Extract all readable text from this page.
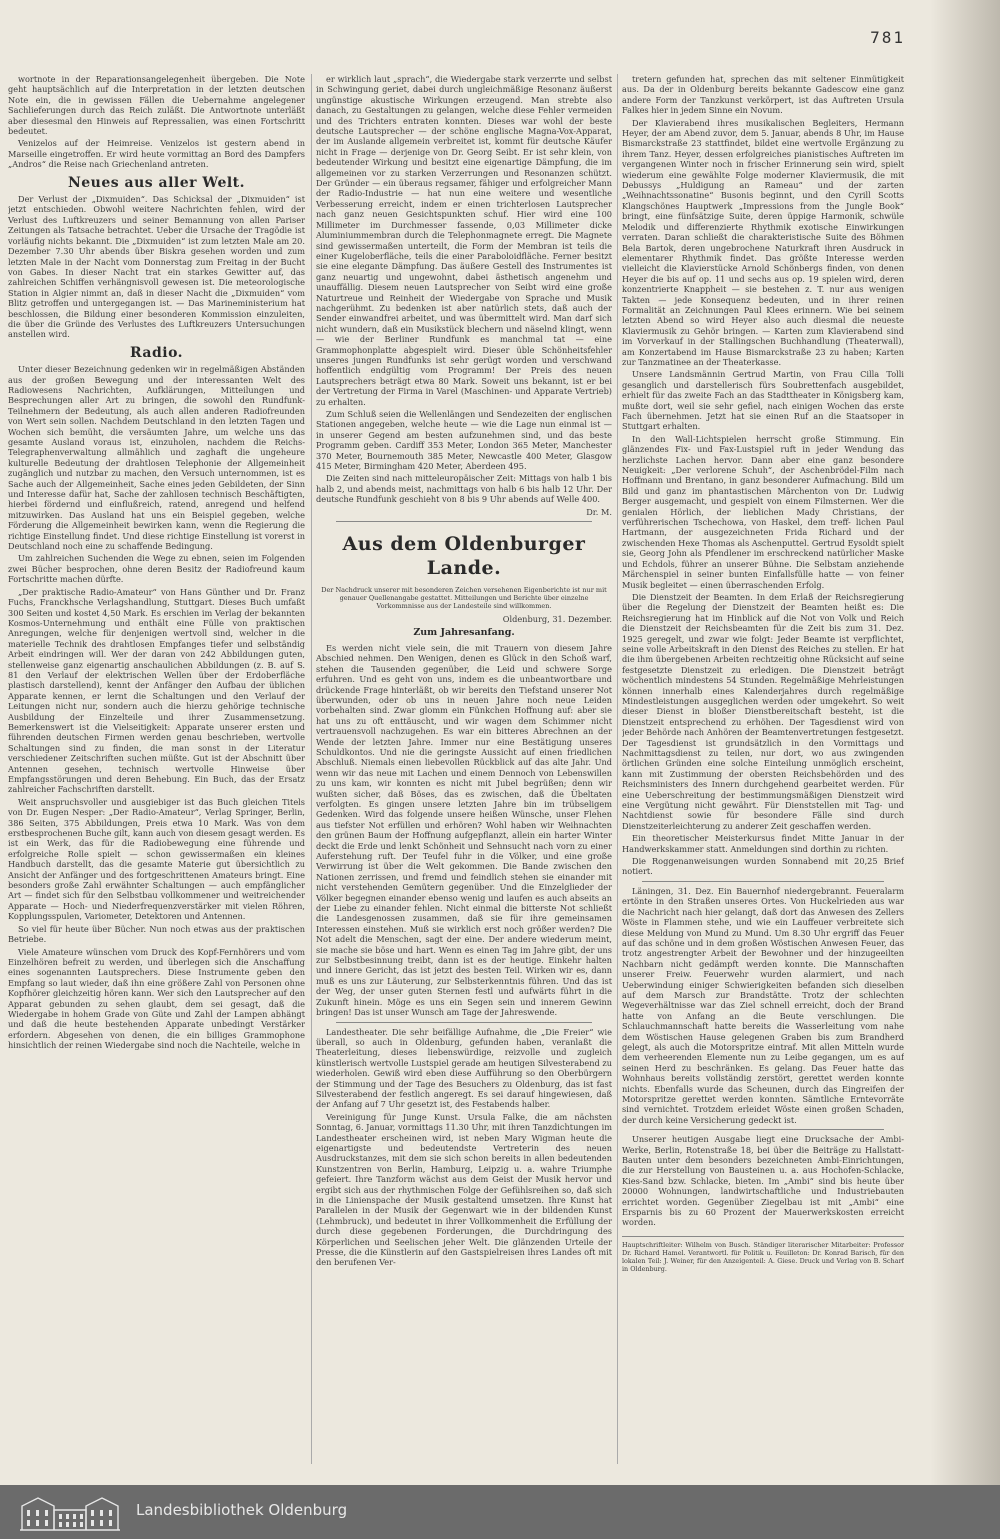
781

wortnote in der Reparationsangelegenheit übergeben. Die Note geht hauptsächlich auf die Interpretation in der letzten deutschen Note ein, die in gewissen Fällen die Uebernahme angelegener Sachlieferungen durch das Reich zuläßt. Die Antwortnote unterläßt aber diesesmal den Hinweis auf Repressalien, was einen Fortschritt bedeutet.

Venizelos auf der Heimreise. Venizelos ist gestern abend in Marseille eingetroffen. Er wird heute vormittag an Bord des Dampfers „Andros“ die Reise nach Griechenland antreten.

Neues aus aller Welt.

Der Verlust der „Dixmuiden“. Das Schicksal der „Dixmuiden“ ist jetzt entschieden. Obwohl weitere Nachrichten fehlen, wird der Verlust des Luftkreuzers und seiner Bemannung von allen Pariser Zeitungen als Tatsache betrachtet. Ueber die Ursache der Tragödie ist vorläufig nichts bekannt. Die „Dixmuiden“ ist zum letzten Male am 20. Dezember 7.30 Uhr abends über Biskra gesehen worden und zum letzten Male in der Nacht vom Donnerstag zum Freitag in der Bucht von Gabes. In dieser Nacht trat ein starkes Gewitter auf, das zahlreichen Schiffen verhängnisvoll gewesen ist. Die meteorologische Station in Algier nimmt an, daß in dieser Nacht die „Dixmuiden“ vom Blitz getroffen und untergegangen ist. — Das Marineministerium hat beschlossen, die Bildung einer besonderen Kommission einzuleiten, die über die Gründe des Verlustes des Luftkreuzers Untersuchungen anstellen wird.

Radio.

Unter dieser Bezeichnung gedenken wir in regelmäßigen Abständen aus der großen Bewegung und der interessanten Welt des Radiowesens Nachrichten, Aufklärungen, Mitteilungen und Besprechungen aller Art zu bringen, die sowohl den Rundfunk-Teilnehmern der Bedeutung, als auch allen anderen Radiofreunden von Wert sein sollen. Nachdem Deutschland in den letzten Tagen und Wochen sich bemüht, die versäumten Jahre, um welche uns das gesamte Ausland voraus ist, einzuholen, nachdem die Reichs-Telegraphenverwaltung allmählich und zaghaft die ungeheure kulturelle Bedeutung der drahtlosen Telephonie der Allgemeinheit zugänglich und nutzbar zu machen, den Versuch unternommen, ist es Sache auch der Allgemeinheit, Sache eines jeden Gebildeten, der Sinn und Interesse dafür hat, Sache der zahllosen technisch Beschäftigten, hierbei fördernd und einflußreich, ratend, anregend und helfend mitzuwirken. Das Ausland hat uns ein Beispiel gegeben, welche Förderung die Allgemeinheit bewirken kann, wenn die Regierung die richtige Einstellung findet. Und diese richtige Einstellung ist vorerst in Deutschland noch eine zu schaffende Bedingung.

Um zahlreichen Suchenden die Wege zu ebnen, seien im Folgenden zwei Bücher besprochen, ohne deren Besitz der Radiofreund kaum Fortschritte machen dürfte.

„Der praktische Radio-Amateur“ von Hans Günther und Dr. Franz Fuchs, Franckhsche Verlagshandlung, Stuttgart. Dieses Buch umfaßt 300 Seiten und kostet 4,50 Mark. Es erschien im Verlag der bekannten Kosmos-Unternehmung und enthält eine Fülle von praktischen Anregungen, welche für denjenigen wertvoll sind, welcher in die materielle Technik des drahtlosen Empfanges tiefer und selbständig Arbeit eindringen will. Wer der daran von 242 Abbildungen guten, stellenweise ganz eigenartig anschaulichen Abbildungen (z. B. auf S. 81 den Verlauf der elektrischen Wellen über der Erdoberfläche plastisch darstellend), kennt der Anfänger den Aufbau der üblichen Apparate kennen, er lernt die Schaltungen und den Verlauf der Leitungen nicht nur, sondern auch die hierzu gehörige technische Ausbildung der Einzelteile und ihrer Zusammensetzung. Bemerkenswert ist die Vielseitigkeit: Apparate unserer ersten und führenden deutschen Firmen werden genau beschrieben, wertvolle Schaltungen sind zu finden, die man sonst in der Literatur verschiedener Zeitschriften suchen müßte. Gut ist der Abschnitt über Antennen gesehen, technisch wertvolle Hinweise über Empfangsstörungen und deren Behebung. Ein Buch, das der Ersatz zahlreicher Fachschriften darstellt.

Weit anspruchsvoller und ausgiebiger ist das Buch gleichen Titels von Dr. Eugen Nesper: „Der Radio-Amateur“, Verlag Springer, Berlin, 386 Seiten, 375 Abbildungen, Preis etwa 10 Mark. Was von dem erstbesprochenen Buche gilt, kann auch von diesem gesagt werden. Es ist ein Werk, das für die Radiobewegung eine führende und erfolgreiche Rolle spielt — schon gewissermaßen ein kleines Handbuch darstellt, das die gesamte Materie gut übersichtlich zu Ansicht der Anfänger und des fortgeschrittenen Amateurs bringt. Eine besonders große Zahl erwähnter Schaltungen — auch empfänglicher Art — findet sich für den Selbstbau vollkommener und weitreichender Apparate — Hoch- und Niederfrequenzverstärker mit vielen Röhren, Kopplungsspulen, Variometer, Detektoren und Antennen.

So viel für heute über Bücher. Nun noch etwas aus der praktischen Betriebe.

Viele Amateure wünschen vom Druck des Kopf-Fernhörers und vom Einzelhören befreit zu werden, und überlegen sich die Anschaffung eines sogenannten Lautsprechers. Diese Instrumente geben den Empfang so laut wieder, daß ihn eine größere Zahl von Personen ohne Kopfhörer gleichzeitig hören kann. Wer sich den Lautsprecher auf den Apparat gebunden zu sehen glaubt, dem sei gesagt, daß die Wiedergabe in hohem Grade von Güte und Zahl der Lampen abhängt und daß die heute bestehenden Apparate unbedingt Verstärker erfordern. Abgesehen von denen, die ein billiges Grammophone hinsichtlich der reinen Wiedergabe sind noch die Nachteile, welche in

er wirklich laut „sprach“, die Wiedergabe stark verzerrte und selbst in Schwingung geriet, dabei durch ungleichmäßige Resonanz äußerst ungünstige akustische Wirkungen erzeugend. Man strebte also danach, zu Gestaltungen zu gelangen, welche diese Fehler vermeiden und des Trichters entraten konnten. Dieses war wohl der beste deutsche Lautsprecher — der schöne englische Magna-Vox-Apparat, der im Auslande allgemein verbreitet ist, kommt für deutsche Käufer nicht in Frage — derjenige von Dr. Georg Seibt. Er ist sehr klein, von bedeutender Wirkung und besitzt eine eigenartige Dämpfung, die im allgemeinen vor zu starken Verzerrungen und Resonanzen schützt. Der Gründer — ein überaus regsamer, fähiger und erfolgreicher Mann der Radio-Industrie — hat nun eine weitere und wesentliche Verbesserung erreicht, indem er einen trichterlosen Lautsprecher nach ganz neuen Gesichtspunkten schuf. Hier wird eine 100 Millimeter im Durchmesser fassende, 0,03 Millimeter dicke Aluminiummembran durch die Telephonmagnete erregt. Die Magnete sind gewissermaßen unterteilt, die Form der Membran ist teils die einer Kugeloberfläche, teils die einer Paraboloidfläche. Ferner besitzt sie eine elegante Dämpfung. Das äußere Gestell des Instrumentes ist ganz neuartig und ungewohnt, dabei ästhetisch angenehm und unauffällig. Diesem neuen Lautsprecher von Seibt wird eine große Naturtreue und Reinheit der Wiedergabe von Sprache und Musik nachgerühmt. Zu bedenken ist aber natürlich stets, daß auch der Sender einwandfrei arbeitet, und was übermittelt wird. Man darf sich nicht wundern, daß ein Musikstück blechern und näselnd klingt, wenn — wie der Berliner Rundfunk es manchmal tat — eine Grammophonplatte abgespielt wird. Dieser üble Schönheitsfehler unseres jungen Rundfunks ist sehr gerügt worden und verschwand hoffentlich endgültig vom Programm! Der Preis des neuen Lautsprechers beträgt etwa 80 Mark. Soweit uns bekannt, ist er bei der Vertretung der Firma in Varel (Maschinen- und Apparate Vertrieb) zu erhalten.

Zum Schluß seien die Wellenlängen und Sendezeiten der englischen Stationen angegeben, welche heute — wie die Lage nun einmal ist — in unserer Gegend am besten aufzunehmen sind, und das beste Programm geben. Cardiff 353 Meter, London 365 Meter, Manchester 370 Meter, Bournemouth 385 Meter, Newcastle 400 Meter, Glasgow 415 Meter, Birmingham 420 Meter, Aberdeen 495.

Die Zeiten sind nach mitteleuropäischer Zeit: Mittags von halb 1 bis halb 2, und abends meist, nachmittags von halb 6 bis halb 12 Uhr. Der deutsche Rundfunk geschieht von 8 bis 9 Uhr abends auf Welle 400.

Dr. M.
Aus dem Oldenburger Lande.
Der Nachdruck unserer mit besonderen Zeichen versehenen Eigenberichte ist nur mit genauer Quellenangabe gestattet. Mitteilungen und Berichte über einzelne Vorkommnisse aus der Landesteile sind willkommen.
Oldenburg, 31. Dezember.
Zum Jahresanfang.

Es werden nicht viele sein, die mit Trauern von diesem Jahre Abschied nehmen. Den Wenigen, denen es Glück in den Schoß warf, stehen die Tausenden gegenüber, die Leid und schwere Sorge erfuhren. Und es geht von uns, indem es die unbeantwortbare und drückende Frage hinterläßt, ob wir bereits den Tiefstand unserer Not überwunden, oder ob uns in neuen Jahre noch neue Leiden vorbehalten sind. Zwar glomm ein Fünkchen Hoffnung auf: aber sie hat uns zu oft enttäuscht, und wir wagen dem Schimmer nicht vertrauensvoll nachzugehen. Es war ein bitteres Abrechnen an der Wende der letzten Jahre. Immer nur eine Bestätigung unseres Schuldkontos. Und nie die geringste Aussicht auf einen friedlichen Abschluß. Niemals einen liebevollen Rückblick auf das alte Jahr. Und wenn wir das neue mit Lachen und einem Dennoch von Lebenswillen zu uns kam, wir konnten es nicht mit Jubel begrüßen; denn wir wußten sicher, daß Böses, das es zwischen, daß die Übeltaten verfolgten. Es gingen unsere letzten Jahre bin im trübseligem Gedenken. Wird das folgende unsere heißen Wünsche, unser Flehen aus tiefster Not erfüllen und erhören? Wohl haben wir Weihnachten den grünen Baum der Hoffnung aufgepflanzt, allein ein harter Winter deckt die Erde und lenkt Schönheit und Sehnsucht nach vorn zu einer Auferstehung ruft. Der Teufel fuhr in die Völker, und eine große Verwirrung ist über die Welt gekommen. Die Bande zwischen den Nationen zerrissen, und fremd und feindlich stehen sie einander mit nicht verstehenden Gemütern gegenüber. Und die Einzelglieder der Völker begegnen einander ebenso wenig und laufen es auch abseits an der Liebe zu einander fehlen. Nicht einmal die bitterste Not schließt die Landesgenossen zusammen, daß sie für ihre gemeinsamen Interessen einstehen. Muß sie wirklich erst noch größer werden? Die Not adelt die Menschen, sagt der eine. Der andere wiederum meint, sie mache sie böse und hart. Wenn es einen Tag im Jahre gibt, der uns zur Selbstbesinnung treibt, dann ist es der heutige. Einkehr halten und innere Gericht, das ist jetzt des besten Teil. Wirken wir es, dann muß es uns zur Läuterung, zur Selbsterkenntnis führen. Und das ist der Weg, der unser guten Sternen festl und aufwärts führt in die Zukunft hinein. Möge es uns ein Segen sein und innerem Gewinn bringen! Das ist unser Wunsch am Tage der Jahreswende.

Landestheater. Die sehr beifällige Aufnahme, die „Die Freier“ wie überall, so auch in Oldenburg, gefunden haben, veranlaßt die Theaterleitung, dieses liebenswürdige, reizvolle und zugleich künstlerisch wertvolle Lustspiel gerade am heutigen Silvesterabend zu wiederholen. Gewiß wird eben diese Aufführung so den Oberbürgern der Stimmung und der Tage des Besuchers zu Oldenburg, das ist fast Silvesterabend der festlich angeregt. Es sei darauf hingewiesen, daß der Anfang auf 7 Uhr gesetzt ist, des Festabends halber.

Vereinigung für Junge Kunst. Ursula Falke, die am nächsten Sonntag, 6. Januar, vormittags 11.30 Uhr, mit ihren Tanzdichtungen im Landestheater erscheinen wird, ist neben Mary Wigman heute die eigenartigste und bedeutendste Vertreterin des neuen Ausdruckstanzes, mit dem sie sich schon bereits in allen bedeutenden Kunstzentren von Berlin, Hamburg, Leipzig u. a. wahre Triumphe gefeiert. Ihre Tanzform wächst aus dem Geist der Musik hervor und ergibt sich aus der rhythmischen Folge der Gefühlsreihen so, daß sich in die Linienspache der Musik gestaltend umsetzen. Ihre Kunst hat Parallelen in der Musik der Gegenwart wie in der bildenden Kunst (Lehmbruck), und bedeutet in ihrer Vollkommenheit die Erfüllung der durch diese gegebenen Forderungen, die Durchdringung des Körperlichen und Seelischen jeher Welt. Die glänzenden Urteile der Presse, die die Künstlerin auf den Gastspielreisen ihres Landes oft mit den berufenen Ver-

tretern gefunden hat, sprechen das mit seltener Einmütigkeit aus. Da der in Oldenburg bereits bekannte Gadescow eine ganz andere Form der Tanzkunst verkörpert, ist das Auftreten Ursula Falkes hier in jedem Sinne ein Novum.

Der Klavierabend ihres musikalischen Begleiters, Hermann Heyer, der am Abend zuvor, dem 5. Januar, abends 8 Uhr, im Hause Bismarckstraße 23 stattfindet, bildet eine wertvolle Ergänzung zu ihrem Tanz. Heyer, dessen erfolgreiches pianistisches Auftreten im vergangenen Winter noch in frischer Erinnerung sein wird, spielt wiederum eine gewählte Folge moderner Klaviermusik, die mit Debussys „Huldigung an Rameau“ und der zarten „Weihnachtssonatine“ Busonis beginnt, und den Cyrill Scotts Klangschönes Hauptwerk „Impressions from the Jungle Book“ bringt, eine fünfsätzige Suite, deren üppige Harmonik, schwüle Melodik und differenzierte Rhythmik exotische Einwirkungen verraten. Daran schließt die charakteristische Suite des Böhmen Bela Bartok, deren ungebrochene Naturkraft ihren Ausdruck in elementarer Rhythmik findet. Das größte Interesse werden vielleicht die Klavierstücke Arnold Schönbergs finden, von denen Heyer die bis auf op. 11 und sechs aus op. 19 spielen wird, deren konzentrierte Knappheit — sie bestehen z. T. nur aus wenigen Takten — jede Konsequenz bedeuten, und in ihrer reinen Formalität an Zeichnungen Paul Klees erinnern. Wie bei seinem letzten Abend so wird Heyer also auch diesmal die neueste Klaviermusik zu Gehör bringen. — Karten zum Klavierabend sind im Vorverkauf in der Stallingschen Buchhandlung (Theaterwall), am Konzertabend im Hause Bismarckstraße 23 zu haben; Karten zur Tanzmatinee an der Theaterkasse.

Unsere Landsmännin Gertrud Martin, von Frau Cilla Tolli gesanglich und darstellerisch fürs Soubrettenfach ausgebildet, erhielt für das zweite Fach an das Stadttheater in Königsberg kam, mußte dort, weil sie sehr gefiel, nach einigen Wochen das erste Fach übernehmen. Jetzt hat sie einen Ruf an die Staatsoper in Stuttgart erhalten.

In den Wall-Lichtspielen herrscht große Stimmung. Ein glänzendes Fix- und Fax-Lustspiel ruft in jeder Wendung das herzlichste Lachen hervor. Dann aber eine ganz besondere Neuigkeit: „Der verlorene Schuh“, der Aschenbrödel-Film nach Hoffmann und Brentano, in ganz besonderer Aufmachung. Bild um Bild und ganz im phantastischen Märchenton von Dr. Ludwig Berger ausgemacht, und gespielt von einem Filmsternen. Wer die genialen Hörlich, der lieblichen Mady Christians, der verführerischen Tschechowa, von Haskel, dem treff- lichen Paul Hartmann, der ausgezeichneten Frida Richard und der zwischenden Hexe Thomas als Aschenputtel. Gertrud Eysoldt spielt sie, Georg John als Pfendlener im erschreckend natürlicher Maske und Echdols, führer an unserer Bühne. Die Selbstam anziehende Märchenspiel in seiner bunten Einfallsfülle hatte — von feiner Musik begleitet — einen überraschenden Erfolg.

Die Dienstzeit der Beamten. In dem Erlaß der Reichsregierung über die Regelung der Dienstzeit der Beamten heißt es: Die Reichsregierung hat im Hinblick auf die Not von Volk und Reich die Dienstzeit der Reichsbeamten für die Zeit bis zum 31. Dez. 1925 geregelt, und zwar wie folgt: Jeder Beamte ist verpflichtet, seine volle Arbeitskraft in den Dienst des Reiches zu stellen. Er hat die ihm übergebenen Arbeiten rechtzeitig ohne Rücksicht auf seine festgesetzte Dienstzeit zu erledigen. Die Dienstzeit beträgt wöchentlich mindestens 54 Stunden. Regelmäßige Mehrleistungen können innerhalb eines Kalenderjahres durch regelmäßige Mindestleistungen ausgeglichen werden oder umgekehrt. So weit dieser Dienst in bloßer Dienstbereitschaft besteht, ist die Dienstzeit entsprechend zu erhöhen. Der Tagesdienst wird von jeder Behörde nach Anhören der Beamtenvertretungen festgesetzt. Der Tagesdienst ist grundsätzlich in den Vormittags und Nachmittagsdienst zu teilen, nur dort, wo aus zwingenden örtlichen Gründen eine solche Einteilung unmöglich erscheint, kann mit Zustimmung der obersten Reichsbehörden und des Reichsministers des Innern durchgehend gearbeitet werden. Für eine Ueberschreitung der bestimmungsmäßigen Dienstzeit wird eine Vergütung nicht gewährt. Für Dienststellen mit Tag- und Nachtdienst sowie für besondere Fälle sind durch Dienstzeiterleichterung zu anderer Zeit geschaffen werden.

Ein theoretischer Meisterkursus findet Mitte Januar in der Handwerkskammer statt. Anmeldungen sind dorthin zu richten.

Die Roggenanweisungen wurden Sonnabend mit 20,25 Brief notiert.

Läningen, 31. Dez. Ein Bauernhof niedergebrannt. Feueralarm ertönte in den Straßen unseres Ortes. Von Huckelrieden aus war die Nachricht nach hier gelangt, daß dort das Anwesen des Zellers Wöste in Flammen stehe, und wie ein Lauffeuer verbreitete sich diese Meldung von Mund zu Mund. Um 8.30 Uhr ergriff das Feuer auf das schöne und in dem großen Wöstischen Anwesen Feuer, das trotz angestrengter Arbeit der Bewohner und der hinzugeeilten Nachbarn nicht gedämpft werden konnte. Die Mannschaften unserer Freiw. Feuerwehr wurden alarmiert, und nach Ueberwindung einiger Schwierigkeiten befanden sich dieselben auf dem Marsch zur Brandstätte. Trotz der schlechten Wegeverhältnisse war das Ziel schnell erreicht, doch der Brand hatte von Anfang an die Beute verschlungen. Die Schlauchmannschaft hatte bereits die Wasserleitung vom nahe dem Wöstischen Hause gelegenen Graben bis zum Brandherd gelegt, als auch die Motorspritze eintraf. Mit allen Mitteln wurde dem verheerenden Elemente nun zu Leibe gegangen, um es auf seinen Herd zu beschränken. Es gelang. Das Feuer hatte das Wohnhaus bereits vollständig zerstört, gerettet werden konnte nichts. Ebenfalls wurde das Scheunen, durch das Eingreifen der Motorspritze gerettet werden konnten. Sämtliche Erntevorräte sind vernichtet. Trotzdem erleidet Wöste einen großen Schaden, der durch keine Versicherung gedeckt ist.

Unserer heutigen Ausgabe liegt eine Drucksache der Ambi-Werke, Berlin, Rotenstraße 18, bei über die Beiträge zu Hallstatt-Bauten unter dem besonders bezeichneten Ambi-Einrichtungen, die zur Herstellung von Bausteinen u. a. aus Hochofen-Schlacke, Kies-Sand bzw. Schlacke, bieten. Im „Ambi“ sind bis heute über 20000 Wohnungen, landwirtschaftliche und Industriebauten errichtet worden. Gegenüber Ziegelbau ist mit „Ambi“ eine Ersparnis bis zu 60 Prozent der Mauerwerkskosten erreicht worden.

Hauptschriftleiter: Wilhelm von Busch. Ständiger literarischer Mitarbeiter: Professor Dr. Richard Hamel. Verantwortl. für Politik u. Feuilleton: Dr. Konrad Barisch, für den lokalen Teil: J. Weiner, für den Anzeigenteil: A. Giese. Druck und Verlag von B. Scharf in Oldenburg.
Landesbibliothek Oldenburg
